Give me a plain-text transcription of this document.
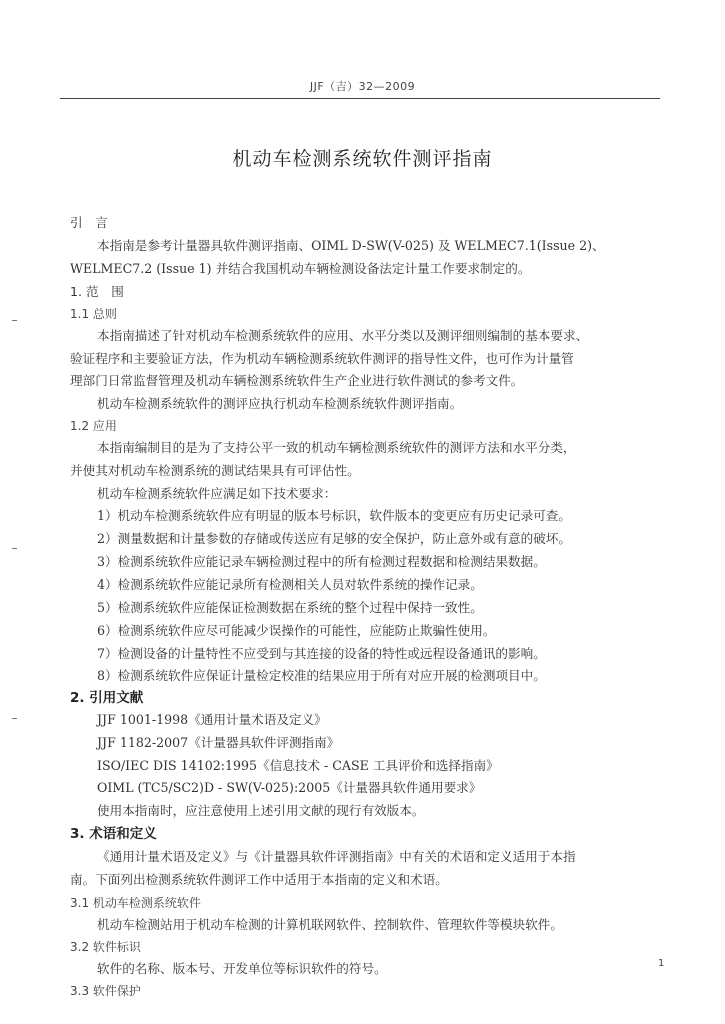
JJF（吉）32—2009
机动车检测系统软件测评指南
引　言
本指南是参考计量器具软件测评指南、OIML D-SW(V-025) 及 WELMEC7.1(Issue 2)、
WELMEC7.2 (Issue 1) 并结合我国机动车辆检测设备法定计量工作要求制定的。
1. 范　围
1.1 总则
本指南描述了针对机动车检测系统软件的应用、水平分类以及测评细则编制的基本要求、
验证程序和主要验证方法，作为机动车辆检测系统软件测评的指导性文件，也可作为计量管
理部门日常监督管理及机动车辆检测系统软件生产企业进行软件测试的参考文件。
机动车检测系统软件的测评应执行机动车检测系统软件测评指南。
1.2 应用
本指南编制目的是为了支持公平一致的机动车辆检测系统软件的测评方法和水平分类，
并使其对机动车检测系统的测试结果具有可评估性。
机动车检测系统软件应满足如下技术要求：
1）机动车检测系统软件应有明显的版本号标识，软件版本的变更应有历史记录可查。
2）测量数据和计量参数的存储或传送应有足够的安全保护，防止意外或有意的破坏。
3）检测系统软件应能记录车辆检测过程中的所有检测过程数据和检测结果数据。
4）检测系统软件应能记录所有检测相关人员对软件系统的操作记录。
5）检测系统软件应能保证检测数据在系统的整个过程中保持一致性。
6）检测系统软件应尽可能减少误操作的可能性，应能防止欺骗性使用。
7）检测设备的计量特性不应受到与其连接的设备的特性或远程设备通讯的影响。
8）检测系统软件应保证计量检定校准的结果应用于所有对应开展的检测项目中。
2. 引用文献
JJF 1001-1998《通用计量术语及定义》
JJF 1182-2007《计量器具软件评测指南》
ISO/IEC DIS 14102:1995《信息技术 - CASE 工具评价和选择指南》
OIML (TC5/SC2)D - SW(V-025):2005《计量器具软件通用要求》
使用本指南时，应注意使用上述引用文献的现行有效版本。
3. 术语和定义
《通用计量术语及定义》与《计量器具软件评测指南》中有关的术语和定义适用于本指
南。下面列出检测系统软件测评工作中适用于本指南的定义和术语。
3.1 机动车检测系统软件
机动车检测站用于机动车检测的计算机联网软件、控制软件、管理软件等模块软件。
3.2 软件标识
软件的名称、版本号、开发单位等标识软件的符号。
3.3 软件保护
1
